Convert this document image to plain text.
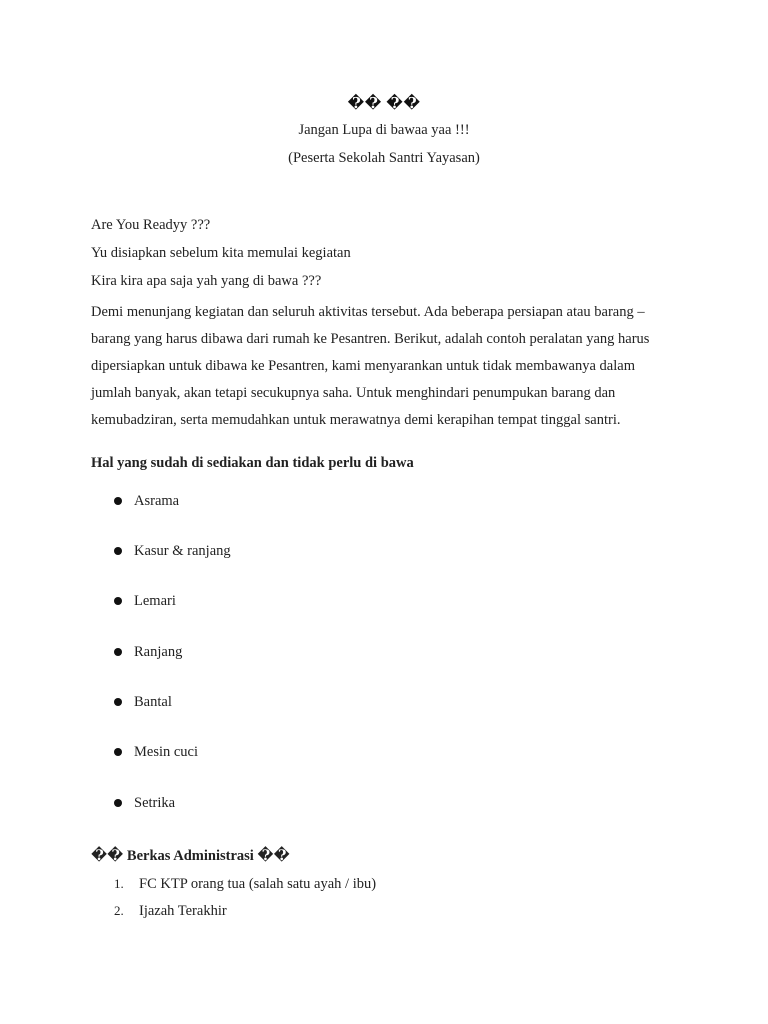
�� ��
Jangan Lupa di bawaa yaa !!!
(Peserta Sekolah Santri Yayasan)
Are You Readyy ???
Yu disiapkan sebelum kita memulai kegiatan
Kira kira apa saja yah yang di bawa ???

Demi menunjang kegiatan dan seluruh aktivitas tersebut. Ada beberapa persiapan atau barang –
barang yang harus dibawa dari rumah ke Pesantren. Berikut, adalah contoh peralatan yang harus
dipersiapkan untuk dibawa ke Pesantren, kami menyarankan untuk tidak membawanya dalam
jumlah banyak, akan tetapi secukupnya saha. Untuk menghindari penumpukan barang dan
kemubadziran, serta memudahkan untuk merawatnya demi kerapihan tempat tinggal santri.

Hal yang sudah di sediakan dan tidak perlu di bawa
Asrama
Kasur & ranjang
Lemari
Ranjang
Bantal
Mesin cuci
Setrika
�� Berkas Administrasi ��
1. FC KTP orang tua (salah satu ayah / ibu)
2. Ijazah Terakhir
